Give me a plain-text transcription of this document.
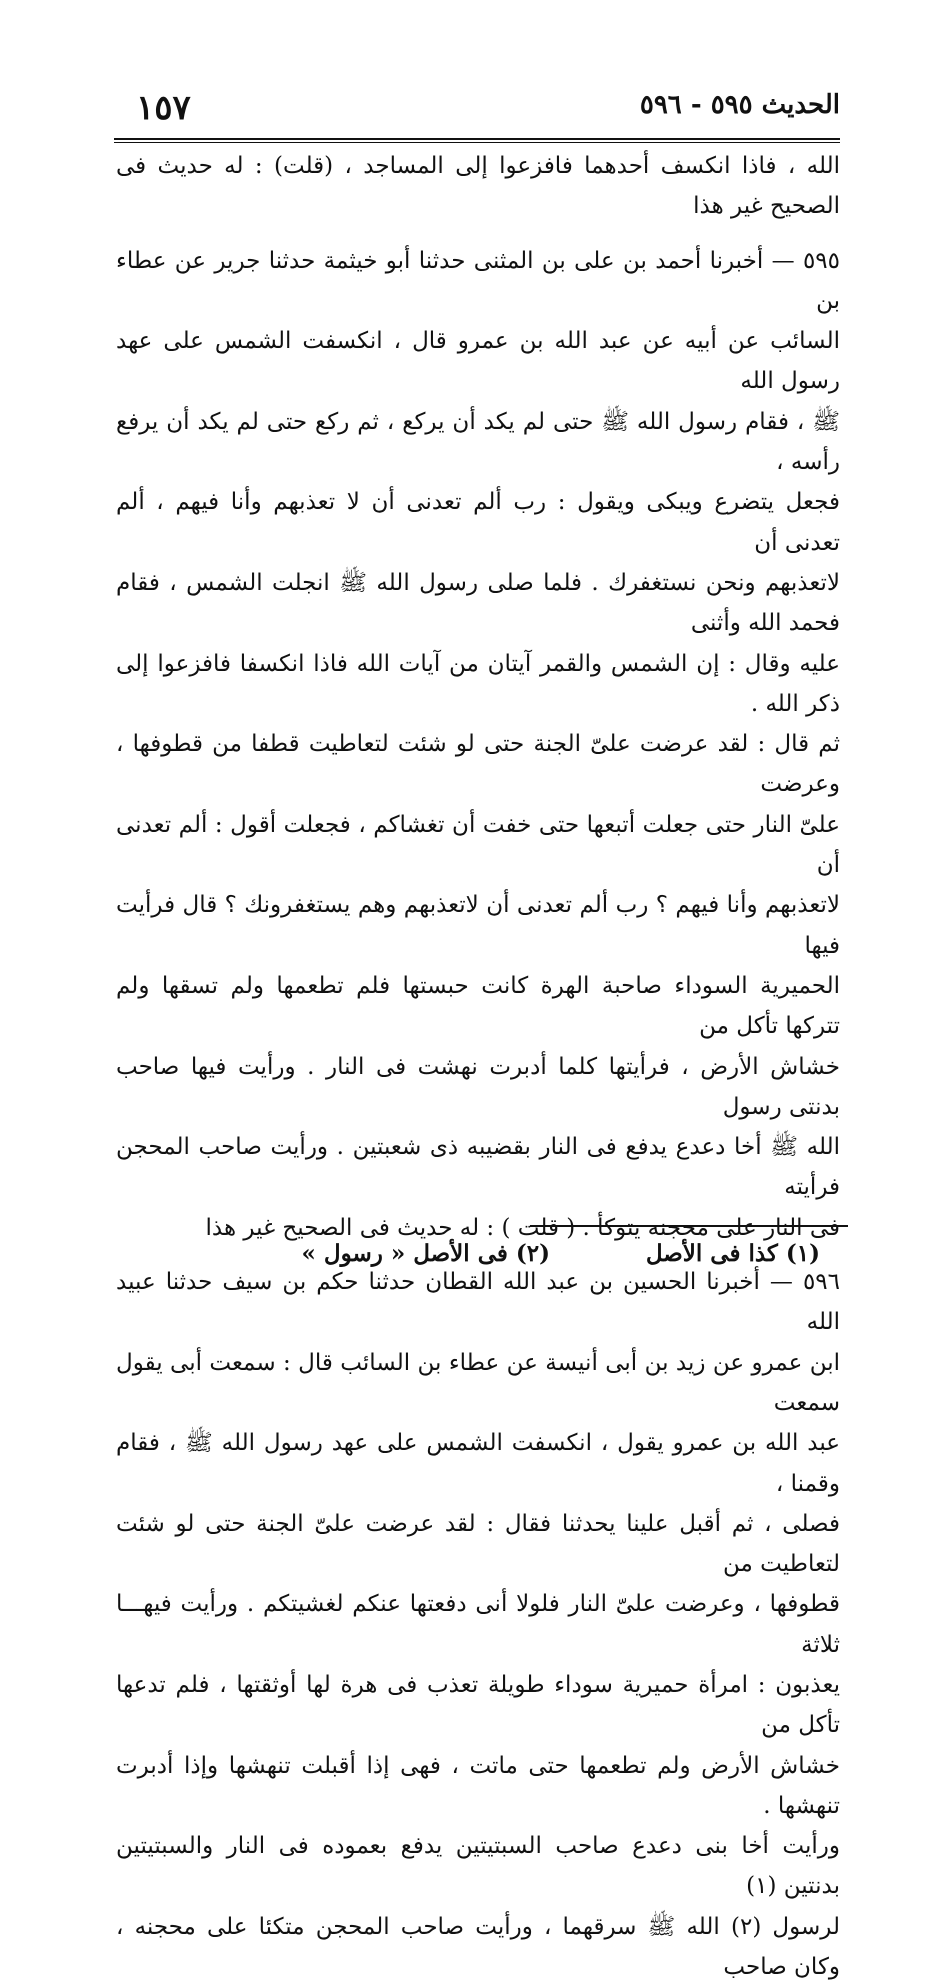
الحديث ٥٩٥ - ٥٩٦
١٥٧

الله ، فاذا انكسف أحدهما فافزعوا إلى المساجد ، (قلت) : له حديث فى الصحيح غير هذا

٥٩٥ — أخبرنا أحمد بن على بن المثنى حدثنا أبو خيثمة حدثنا جرير عن عطاء بن

السائب عن أبيه عن عبد الله بن عمرو قال ، انكسفت الشمس على عهد رسول الله

ﷺ ، فقام رسول الله ﷺ حتى لم يكد أن يركع ، ثم ركع حتى لم يكد أن يرفع رأسه ،

فجعل يتضرع ويبكى ويقول : رب ألم تعدنى أن لا تعذبهم وأنا فيهم ، ألم تعدنى أن

لاتعذبهم ونحن نستغفرك . فلما صلى رسول الله ﷺ انجلت الشمس ، فقام فحمد الله وأثنى

عليه وقال : إن الشمس والقمر آيتان من آيات الله فاذا انكسفا فافزعوا إلى ذكر الله .

ثم قال : لقد عرضت علىّ الجنة حتى لو شئت لتعاطيت قطفا من قطوفها ، وعرضت

علىّ النار حتى جعلت أتبعها حتى خفت أن تغشاكم ، فجعلت أقول : ألم تعدنى أن

لاتعذبهم وأنا فيهم ؟ رب ألم تعدنى أن لاتعذبهم وهم يستغفرونك ؟ قال فرأيت فيها

الحميرية السوداء صاحبة الهرة كانت حبستها فلم تطعمها ولم تسقها ولم تتركها تأكل من

خشاش الأرض ، فرأيتها كلما أدبرت نهشت فى النار . ورأيت فيها صاحب بدنتى رسول

الله ﷺ أخا دعدع يدفع فى النار بقضيبه ذى شعبتين . ورأيت صاحب المحجن فرأيته

فى النار على محجنه يتوكأ . ( قلت ) : له حديث فى الصحيح غير هذا

٥٩٦ — أخبرنا الحسين بن عبد الله القطان حدثنا حكم بن سيف حدثنا عبيد الله

ابن عمرو عن زيد بن أبى أنيسة عن عطاء بن السائب قال : سمعت أبى يقول سمعت

عبد الله بن عمرو يقول ، انكسفت الشمس على عهد رسول الله ﷺ ، فقام وقمنا ،

فصلى ، ثم أقبل علينا يحدثنا فقال : لقد عرضت علىّ الجنة حتى لو شئت لتعاطيت من

قطوفها ، وعرضت علىّ النار فلولا أنى دفعتها عنكم لغشيتكم . ورأيت فيهـــا ثلاثة

يعذبون : امرأة حميرية سوداء طويلة تعذب فى هرة لها أوثقتها ، فلم تدعها تأكل من

خشاش الأرض ولم تطعمها حتى ماتت ، فهى إذا أقبلت تنهشها وإذا أدبرت تنهشها .

ورأيت أخا بنى دعدع صاحب السبتيتين يدفع بعموده فى النار والسبتيتين بدنتين (١)

لرسول (٢) الله ﷺ سرقهما ، ورأيت صاحب المحجن متكئا على محجنه ، وكان صاحب

(١) كذا فى الأصل
(٢) فى الأصل « رسول »
